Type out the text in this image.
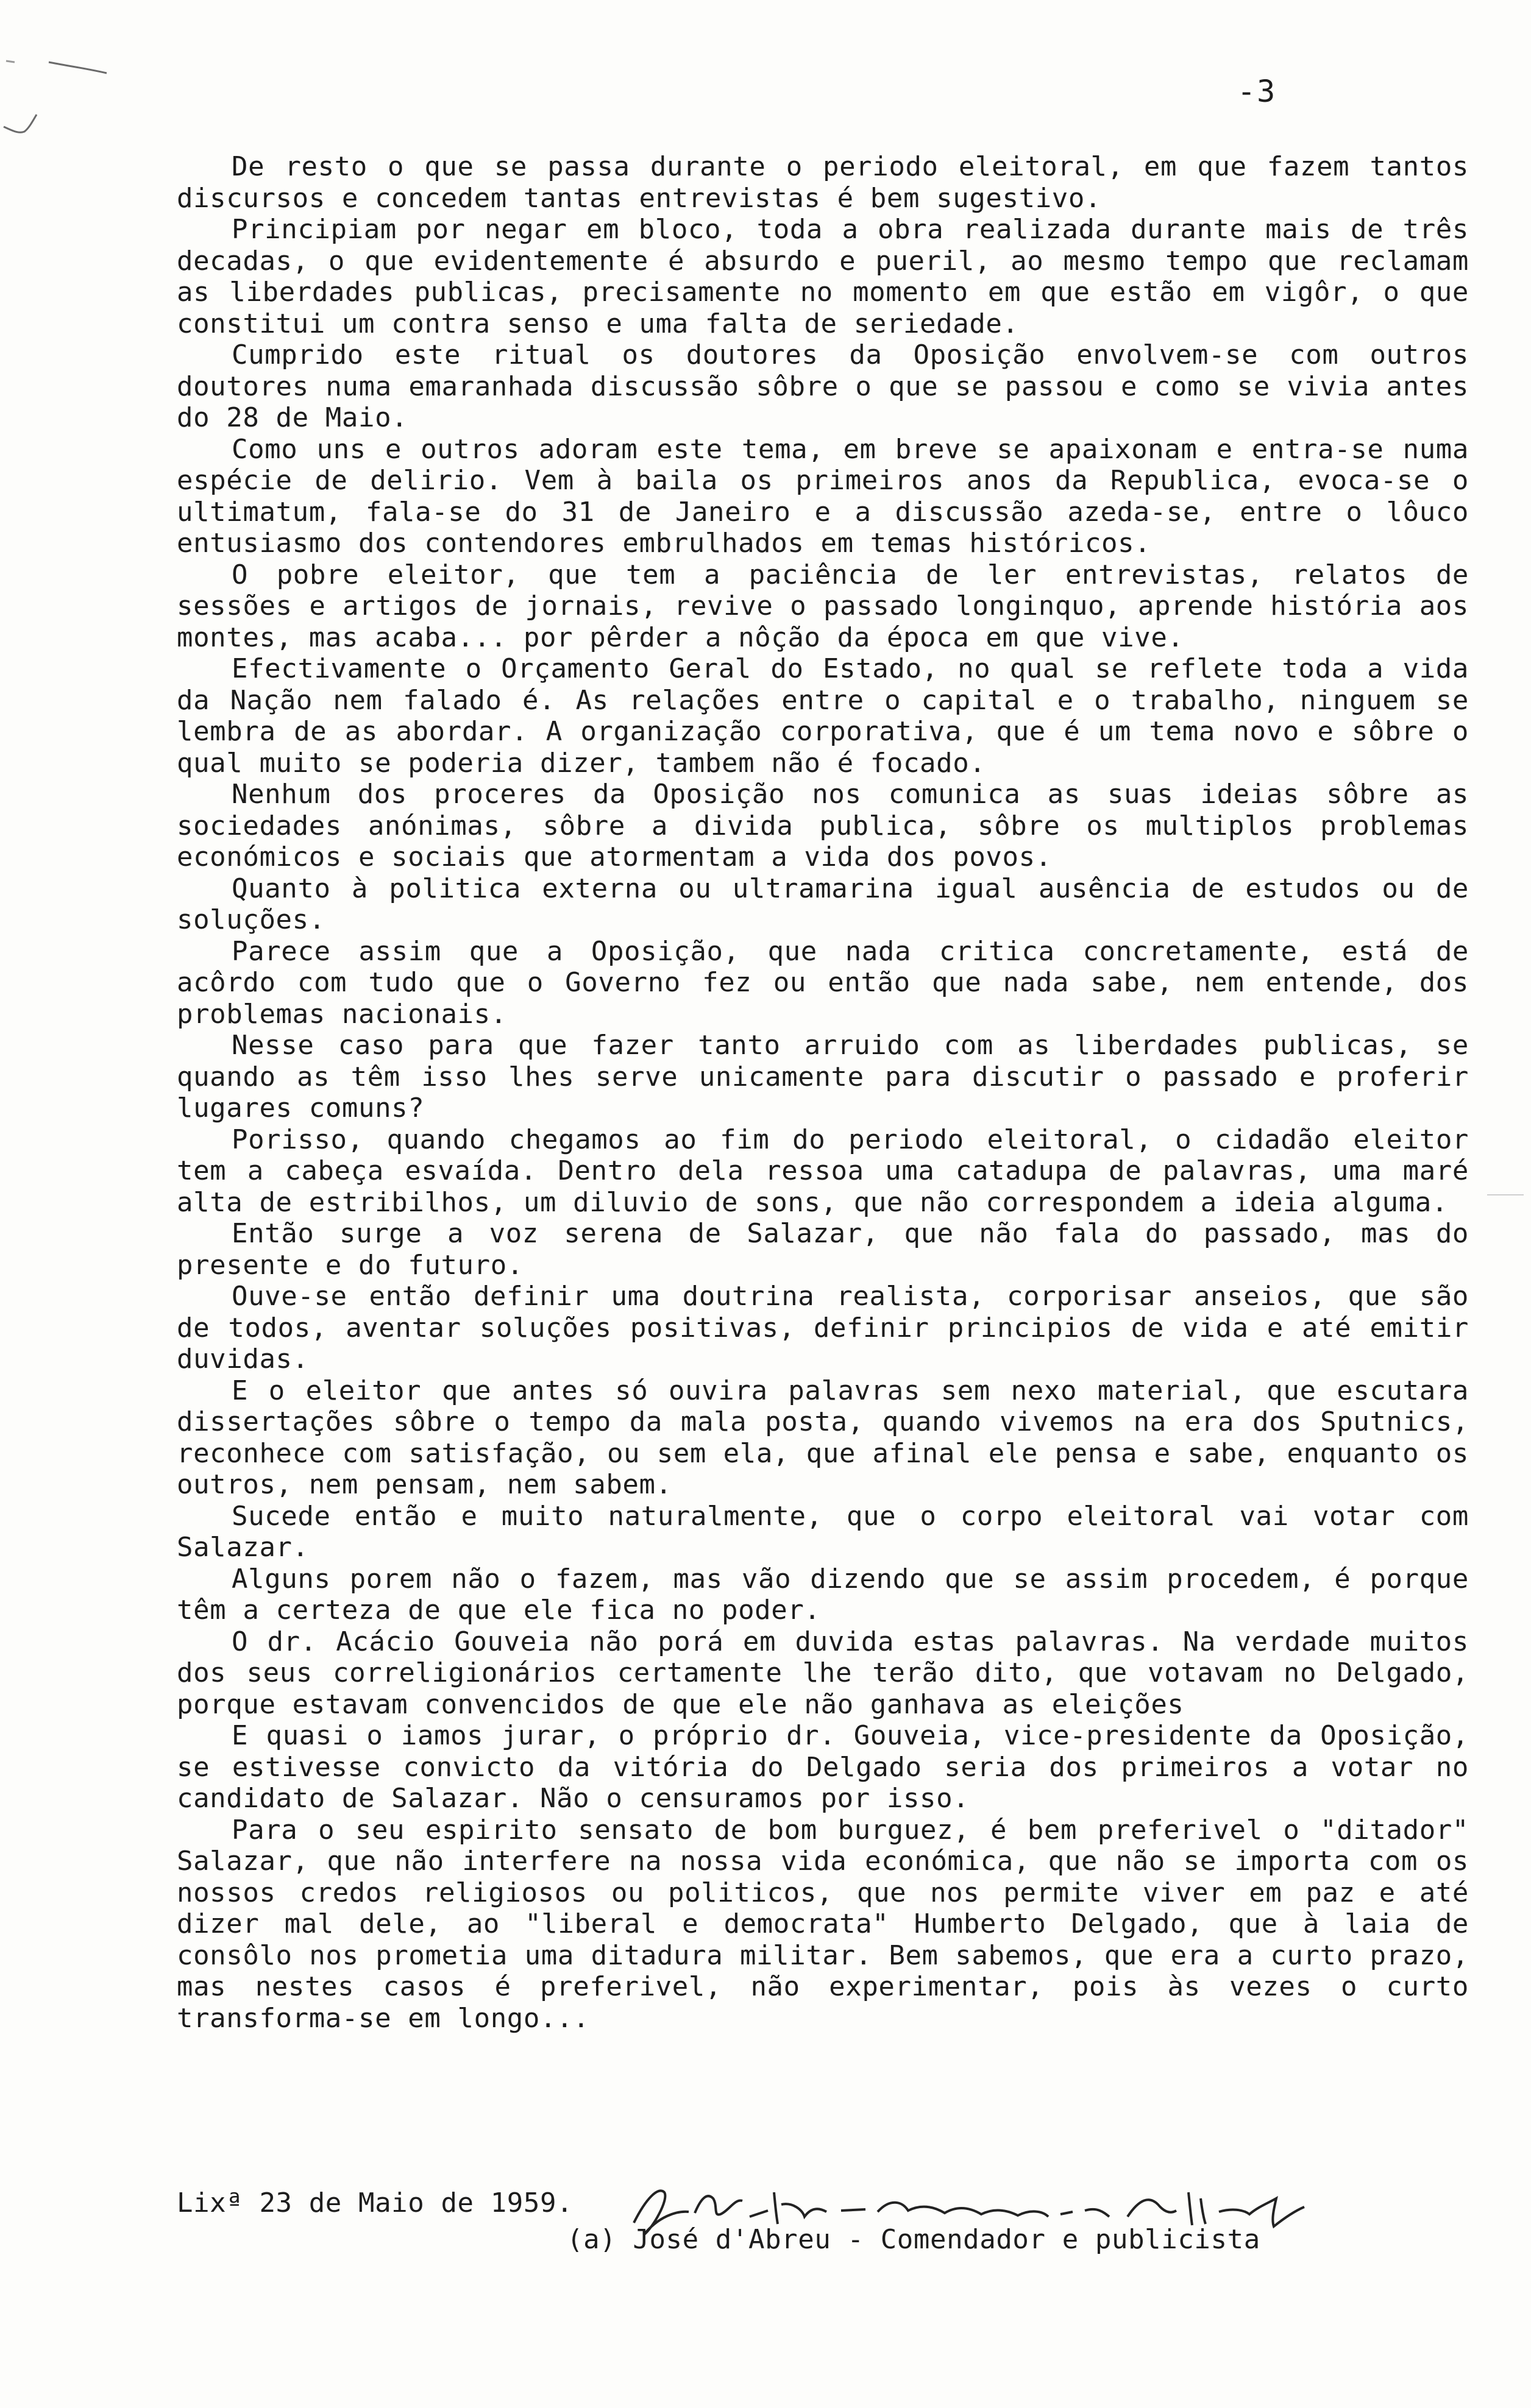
-3

De resto o que se passa durante o periodo eleitoral, em que fazem tantos discursos e concedem tantas entrevistas é bem sugestivo.

Principiam por negar em bloco, toda a obra realizada durante mais de três decadas, o que evidentemente é absurdo e pueril, ao mesmo tempo que reclamam as liberdades publicas, precisamente no momento em que estão em vigôr, o que constitui um contra senso e uma falta de seriedade.

Cumprido este ritual os doutores da Oposição envolvem-se com outros doutores numa emaranhada discussão sôbre o que se passou e como se vivia antes do 28 de Maio.

Como uns e outros adoram este tema, em breve se apaixonam e entra-se numa espécie de delirio. Vem à baila os primeiros anos da Republica, evoca-se o ultimatum, fala-se do 31 de Janeiro e a discussão azeda-se, entre o lôuco entusiasmo dos contendores embrulhados em temas históricos.

O pobre eleitor, que tem a paciência de ler entrevistas, relatos de sessões e artigos de jornais, revive o passado longinquo, aprende história aos montes, mas acaba... por pêrder a nôção da época em que vive.

Efectivamente o Orçamento Geral do Estado, no qual se reflete toda a vida da Nação nem falado é. As relações entre o capital e o trabalho, ninguem se lembra de as abordar. A organização corporativa, que é um tema novo e sôbre o qual muito se poderia dizer, tambem não é focado.

Nenhum dos proceres da Oposição nos comunica as suas ideias sôbre as sociedades anónimas, sôbre a divida publica, sôbre os multiplos problemas económicos e sociais que atormentam a vida dos povos.

Quanto à politica externa ou ultramarina igual ausência de estudos ou de soluções.

Parece assim que a Oposição, que nada critica concretamente, está de acôrdo com tudo que o Governo fez ou então que nada sabe, nem entende, dos problemas nacionais.

Nesse caso para que fazer tanto arruido com as liberdades publicas, se quando as têm isso lhes serve unicamente para discutir o passado e proferir lugares comuns?

Porisso, quando chegamos ao fim do periodo eleitoral, o cidadão eleitor tem a cabeça esvaída. Dentro dela ressoa uma catadupa de palavras, uma maré alta de estribilhos, um diluvio de sons, que não correspondem a ideia alguma.

Então surge a voz serena de Salazar, que não fala do passado, mas do presente e do futuro.

Ouve-se então definir uma doutrina realista, corporisar anseios, que são de todos, aventar soluções positivas, definir principios de vida e até emitir duvidas.

E o eleitor que antes só ouvira palavras sem nexo material, que escutara dissertações sôbre o tempo da mala posta, quando vivemos na era dos Sputnics, reconhece com satisfação, ou sem ela, que afinal ele pensa e sabe, enquanto os outros, nem pensam, nem sabem.

Sucede então e muito naturalmente, que o corpo eleitoral vai votar com Salazar.

Alguns porem não o fazem, mas vão dizendo que se assim procedem, é porque têm a certeza de que ele fica no poder.

O dr. Acácio Gouveia não porá em duvida estas palavras. Na verdade muitos dos seus correligionários certamente lhe terão dito, que votavam no Delgado, porque estavam convencidos de que ele não ganhava as eleições

E quasi o iamos jurar, o próprio dr. Gouveia, vice-presidente da Oposição, se estivesse convicto da vitória do Delgado seria dos primeiros a votar no candidato de Salazar. Não o censuramos por isso.

Para o seu espirito sensato de bom burguez, é bem preferivel o "ditador" Salazar, que não interfere na nossa vida económica, que não se importa com os nossos credos religiosos ou politicos, que nos permite viver em paz e até dizer mal dele, ao "liberal e democrata" Humberto Delgado, que à laia de consôlo nos prometia uma ditadura militar. Bem sabemos, que era a curto prazo, mas nestes casos é preferivel, não experimentar, pois às vezes o curto transforma-se em longo...

Lixª 23 de Maio de 1959.
(a) José d'Abreu - Comendador e publicista
